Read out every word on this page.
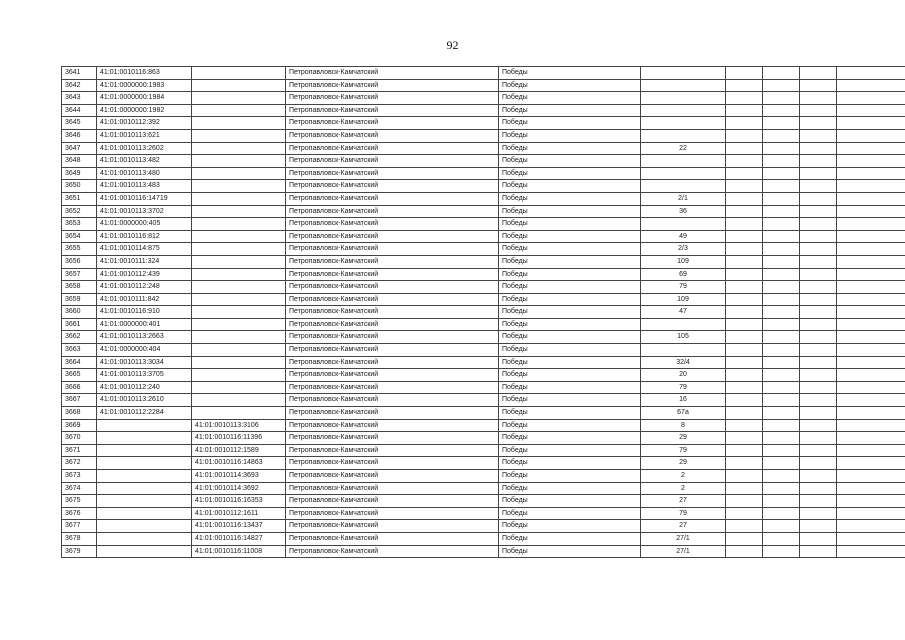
92
3641	41:01:0010116:863		Петропавловск-Камчатский	Победы					
3642	41:01:0000000:1983		Петропавловск-Камчатский	Победы					
3643	41:01:0000000:1984		Петропавловск-Камчатский	Победы					
3644	41:01:0000000:1982		Петропавловск-Камчатский	Победы					
3645	41:01:0010112:392		Петропавловск-Камчатский	Победы					
3646	41:01:0010113:621		Петропавловск-Камчатский	Победы					
3647	41:01:0010113:2602		Петропавловск-Камчатский	Победы	22				
3648	41:01:0010113:482		Петропавловск-Камчатский	Победы					
3649	41:01:0010113:480		Петропавловск-Камчатский	Победы					
3650	41:01:0010113:483		Петропавловск-Камчатский	Победы					
3651	41:01:0010116:14719		Петропавловск-Камчатский	Победы	2/1				
3652	41:01:0010113:3702		Петропавловск-Камчатский	Победы	36				
3653	41:01:0000000:405		Петропавловск-Камчатский	Победы					
3654	41:01:0010116:812		Петропавловск-Камчатский	Победы	49				
3655	41:01:0010114:875		Петропавловск-Камчатский	Победы	2/3				
3656	41:01:0010111:324		Петропавловск-Камчатский	Победы	109				
3657	41:01:0010112:439		Петропавловск-Камчатский	Победы	69				
3658	41:01:0010112:248		Петропавловск-Камчатский	Победы	79				
3659	41:01:0010111:842		Петропавловск-Камчатский	Победы	109				
3660	41:01:0010116:910		Петропавловск-Камчатский	Победы	47				
3661	41:01:0000000:401		Петропавловск-Камчатский	Победы					
3662	41:01:0010113:2663		Петропавловск-Камчатский	Победы	105				
3663	41:01:0000000:404		Петропавловск-Камчатский	Победы					
3664	41:01:0010113:3034		Петропавловск-Камчатский	Победы	32/4				
3665	41:01:0010113:3705		Петропавловск-Камчатский	Победы	20				
3666	41:01:0010112:240		Петропавловск-Камчатский	Победы	79				
3667	41:01:0010113:2610		Петропавловск-Камчатский	Победы	16				
3668	41:01:0010112:2284		Петропавловск-Камчатский	Победы	67а				
3669		41:01:0010113:3106	Петропавловск-Камчатский	Победы	8				
3670		41:01:0010116:11396	Петропавловск-Камчатский	Победы	29				
3671		41:01:0010112:1589	Петропавловск-Камчатский	Победы	79				
3672		41:01:0010116:14863	Петропавловск-Камчатский	Победы	29				
3673		41:01:0010114:3693	Петропавловск-Камчатский	Победы	2				
3674		41:01:0010114:3692	Петропавловск-Камчатский	Победы	2				
3675		41:01:0010116:16353	Петропавловск-Камчатский	Победы	27				
3676		41:01:0010112:1611	Петропавловск-Камчатский	Победы	79				
3677		41:01:0010116:13437	Петропавловск-Камчатский	Победы	27				
3678		41:01:0010116:14827	Петропавловск-Камчатский	Победы	27/1				
3679		41:01:0010116:11008	Петропавловск-Камчатский	Победы	27/1				
